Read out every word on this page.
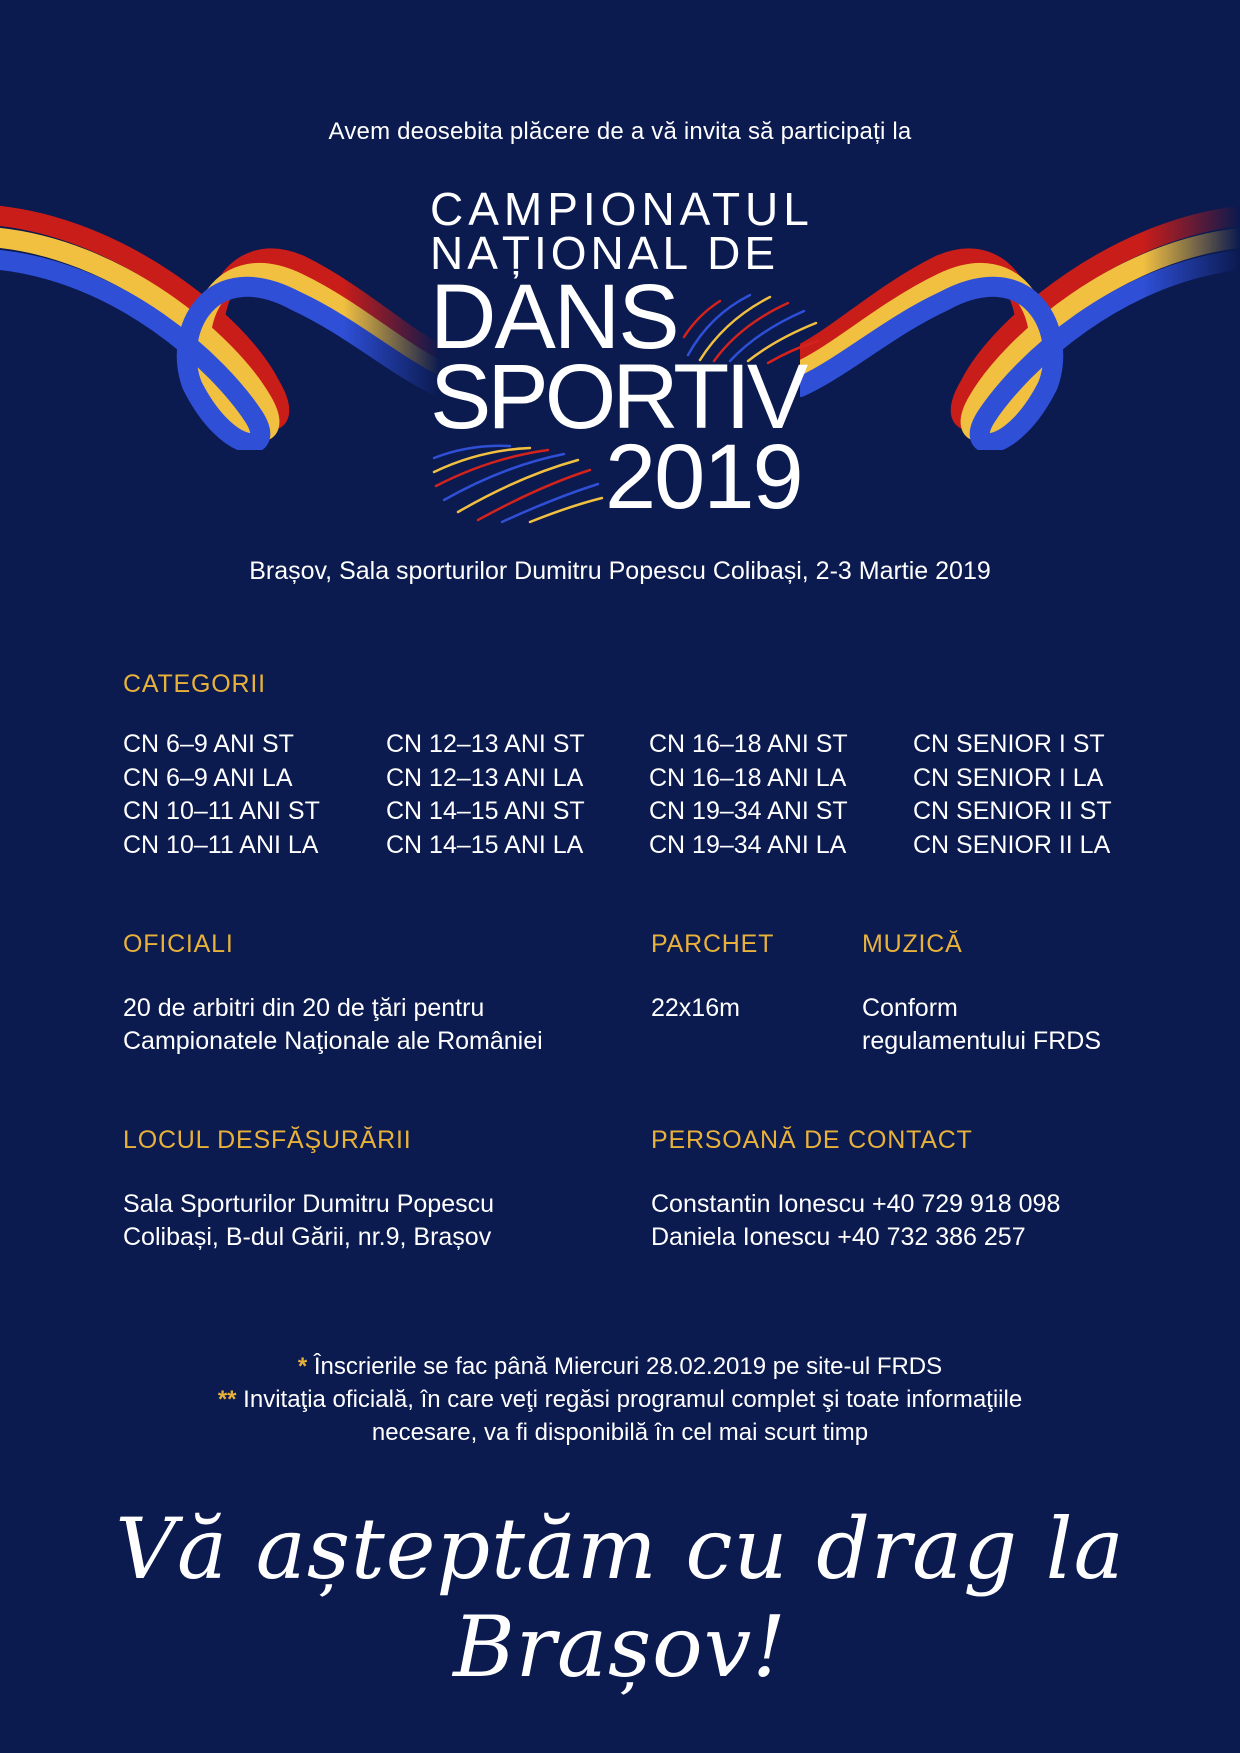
Avem deosebita plăcere de a vă invita să participați la
CAMPIONATUL
NAȚIONAL DE
DANS
SPORTIV
2019
Brașov, Sala sporturilor Dumitru Popescu Colibași, 2-3 Martie 2019
CATEGORII
CN 6–9 ANI ST
CN 6–9 ANI LA
CN 10–11 ANI ST
CN 10–11 ANI LA
CN 12–13 ANI ST
CN 12–13 ANI LA
CN 14–15 ANI ST
CN 14–15 ANI LA
CN 16–18 ANI ST
CN 16–18 ANI LA
CN 19–34 ANI ST
CN 19–34 ANI LA
CN SENIOR I ST
CN SENIOR I LA
CN SENIOR II ST
CN SENIOR II LA
OFICIALI
20 de arbitri din 20 de ţări pentru
Campionatele Naţionale ale României
PARCHET
22x16m
MUZICĂ
Conform
regulamentului FRDS
LOCUL DESFĂŞURĂRII
Sala Sporturilor Dumitru Popescu
Colibași, B-dul Gării, nr.9, Brașov
PERSOANĂ DE CONTACT
Constantin Ionescu +40 729 918 098
Daniela Ionescu +40 732 386 257
* Înscrierile se fac până Miercuri 28.02.2019 pe site-ul FRDS
** Invitaţia oficială, în care veţi regăsi programul complet şi toate informaţiile
necesare, va fi disponibilă în cel mai scurt timp
Vă așteptăm cu drag la Brașov!
